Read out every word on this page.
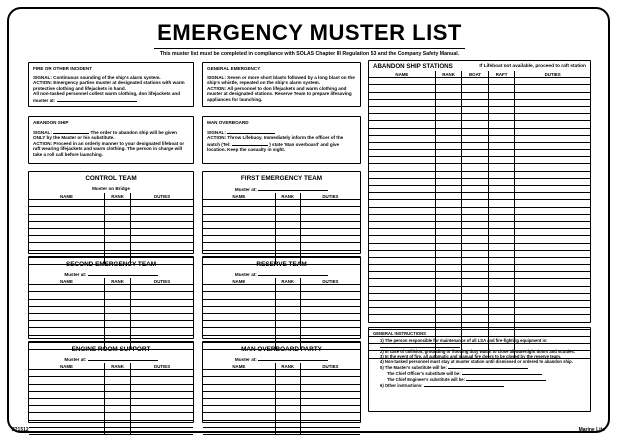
EMERGENCY MUSTER LIST
This muster list must be completed in compliance with SOLAS Chapter III Regulation 53 and the Company Safety Manual.
FIRE OR OTHER INCIDENT

SIGNAL: Continuous sounding of the ship's alarm system.

ACTION: Emergency parties muster at designated stations with warm protective clothing and lifejackets in hand.

All non-tasked personnel collect warm clothing, don lifejackets and muster at:

GENERAL EMERGENCY

SIGNAL: Seven or more short blasts followed by a long blast on the ship's whistle, repeated on the ship's alarm system.

ACTION: All personnel to don lifejackets and warm clothing and muster at designated stations. Reserve Team to prepare lifesaving appliances for launching.

ABANDON SHIP

SIGNAL:	The order to abandon ship will be given ONLY by the Master or his substitute.

ACTION: Proceed in an orderly manner to your designated lifeboat or raft wearing lifejackets and warm clothing. The person in charge will take a roll call before launching.

MAN OVERBOARD

SIGNAL:

ACTION: Throw Lifebuoy. Immediately inform the officer of the watch (Tel:	) state 'Man overboard' and give location. Keep the casualty in sight.

CONTROL TEAM
Muster on Bridge
NAME	RANK	DUTIES

FIRST EMERGENCY TEAM
Muster at:
NAME	RANK	DUTIES

SECOND EMERGENCY TEAM
Muster at:
NAME	RANK	DUTIES

RESERVE TEAM
Muster at:
NAME	RANK	DUTIES

ENGINE ROOM SUPPORT
Muster at:
NAME	RANK	DUTIES

MAN OVERBOARD PARTY
Muster at:
NAME	RANK	DUTIES

ABANDON SHIP STATIONS	If Lifeboat not available, proceed to raft station
NAME	RANK	BOAT	RAFT	DUTIES

GENERAL INSTRUCTIONS
1) The person responsible for maintenance of all LSA and fire-fighting equipment is:
2) In case of collision, grounding or flooding duty watch to close all watertight doors and scuttles.
3) In the event of fire, all automatic and manual fire doors to be closed by the reserve team.
4) Non-tasked personnel must stay at muster station until dismissed or ordered to abandon ship.
5) The Master's substitute will be:
The Chief Officer's substitute will be:
The Chief Engineer's substitute will be:
6) Other instructions:
221512	Marine Lite
